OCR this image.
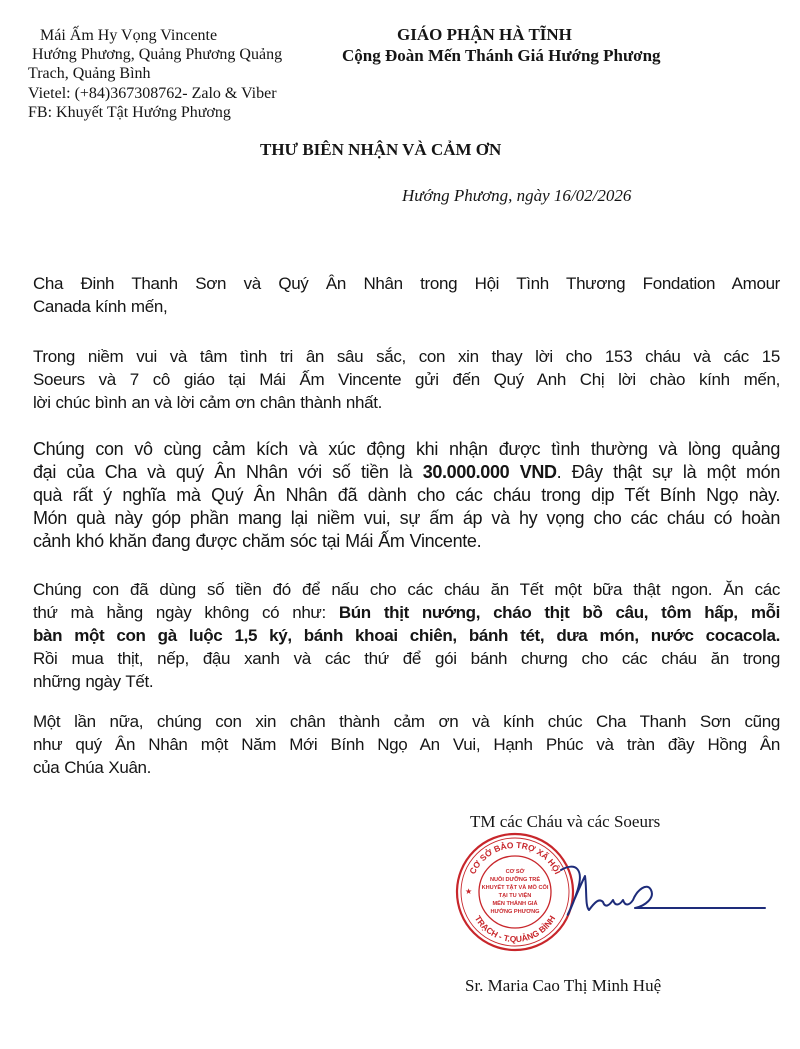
Mái Ấm Hy Vọng Vincente
Hướng Phương, Quảng Phương Quảng
Trach, Quảng Bình
Vietel: (+84)367308762- Zalo & Viber
FB: Khuyết Tật Hướng Phương
GIÁO PHẬN HÀ TĨNH
Cộng Đoàn Mến Thánh Giá Hướng Phương
THƯ BIÊN NHẬN VÀ CẢM ƠN
Hướng Phương, ngày 16/02/2026
Cha Đinh Thanh Sơn và Quý Ân Nhân trong Hội Tình Thương Fondation Amour
Canada kính mến,
Trong niềm vui và tâm tình tri ân sâu sắc, con xin thay lời cho 153 cháu và các 15
Soeurs và 7 cô giáo tại Mái Ấm Vincente gửi đến Quý Anh Chị lời chào kính mến,
lời chúc bình an và lời cảm ơn chân thành nhất.
Chúng con vô cùng cảm kích và xúc động khi nhận được tình thường và lòng quảng
đại của Cha và quý Ân Nhân với số tiền là 30.000.000 VND. Đây thật sự là một món
quà rất ý nghĩa mà Quý Ân Nhân đã dành cho các cháu trong dịp Tết Bính Ngọ này.
Món quà này góp phần mang lại niềm vui, sự ấm áp và hy vọng cho các cháu có hoàn
cảnh khó khăn đang được chăm sóc tại Mái Ấm Vincente.
Chúng con đã dùng số tiền đó để nấu cho các cháu ăn Tết một bữa thật ngon. Ăn các
thứ mà hằng ngày không có như: Bún thịt nướng, cháo thịt bồ câu, tôm hấp, mỗi
bàn một con gà luộc 1,5 ký, bánh khoai chiên, bánh tét, dưa món, nước cocacola.
Rồi mua thịt, nếp, đậu xanh và các thứ để gói bánh chưng cho các cháu ăn trong
những ngày Tết.
Một lần nữa, chúng con xin chân thành cảm ơn và kính chúc Cha Thanh Sơn cũng
như quý Ân Nhân một Năm Mới Bính Ngọ An Vui, Hạnh Phúc và tràn đầy Hồng Ân
của Chúa Xuân.
TM các Cháu và các Soeurs
CƠ SỞ BẢO TRỢ XÃ HỘI
TRẠCH - T.QUẢNG BÌNH
★
CƠ SỞ
NUÔI DƯỠNG TRẺ
KHUYẾT TẬT VÀ MỒ CÔI
TẠI TU VIỆN
MẾN THÁNH GIÁ
HƯỚNG PHƯƠNG
Sr. Maria Cao Thị Minh Huệ
